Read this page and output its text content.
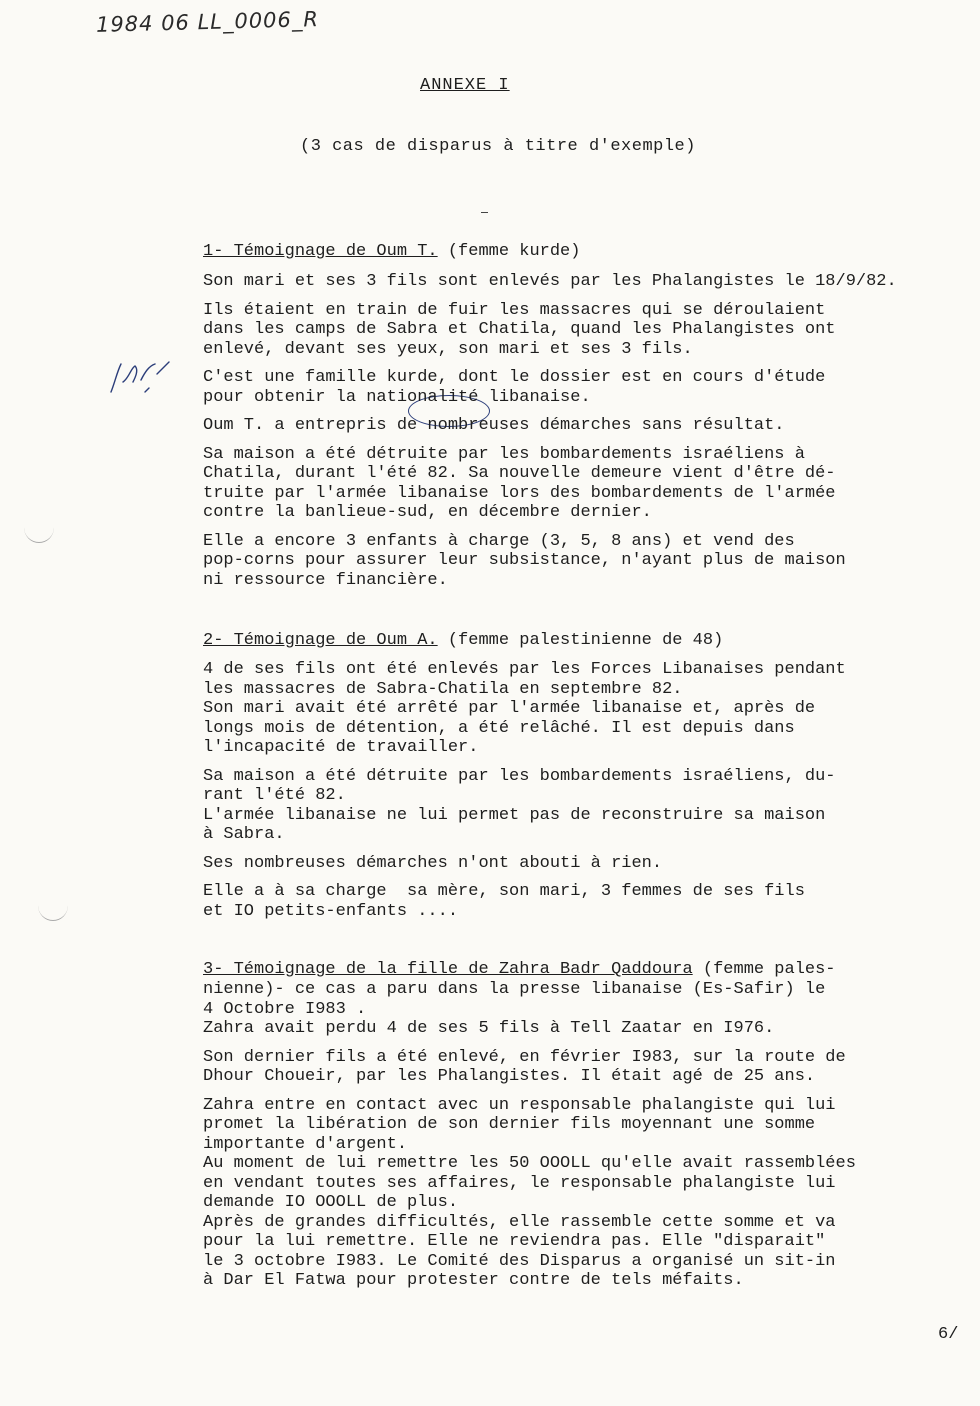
1984 06 LL_0006_R
ANNEXE I
(3 cas de disparus à titre d'exemple)
1- Témoignage de Oum T. (femme kurde)
Son mari et ses 3 fils sont enlevés par les Phalangistes le 18/9/82.
Ils étaient en train de fuir les massacres qui se déroulaient
dans les camps de Sabra et Chatila, quand les Phalangistes ont
enlevé, devant ses yeux, son mari et ses 3 fils.
C'est une famille kurde, dont le dossier est en cours d'étude
pour obtenir la nationalité libanaise.
Oum T. a entrepris de nombreuses démarches sans résultat.
Sa maison a été détruite par les bombardements israéliens à
Chatila, durant l'été 82. Sa nouvelle demeure vient d'être dé-
truite par l'armée libanaise lors des bombardements de l'armée
contre la banlieue-sud, en décembre dernier.
Elle a encore 3 enfants à charge (3, 5, 8 ans) et vend des
pop-corns pour assurer leur subsistance, n'ayant plus de maison
ni ressource financière.
2- Témoignage de Oum A. (femme palestinienne de 48)
4 de ses fils ont été enlevés par les Forces Libanaises pendant
les massacres de Sabra-Chatila en septembre 82.
Son mari avait été arrêté par l'armée libanaise et, après de
longs mois de détention, a été relâché. Il est depuis dans
l'incapacité de travailler.
Sa maison a été détruite par les bombardements israéliens, du-
rant l'été 82.
L'armée libanaise ne lui permet pas de reconstruire sa maison
à Sabra.
Ses nombreuses démarches n'ont abouti à rien.
Elle a à sa charge  sa mère, son mari, 3 femmes de ses fils
et IO petits-enfants ....
3- Témoignage de la fille de Zahra Badr Qaddoura (femme pales-
nienne)- ce cas a paru dans la presse libanaise (Es-Safir) le
4 Octobre I983 .
Zahra avait perdu 4 de ses 5 fils à Tell Zaatar en I976.
Son dernier fils a été enlevé, en février I983, sur la route de
Dhour Choueir, par les Phalangistes. Il était agé de 25 ans.
Zahra entre en contact avec un responsable phalangiste qui lui
promet la libération de son dernier fils moyennant une somme
importante d'argent.
Au moment de lui remettre les 50 OOOLL qu'elle avait rassemblées
en vendant toutes ses affaires, le responsable phalangiste lui
demande IO OOOLL de plus.
Après de grandes difficultés, elle rassemble cette somme et va
pour la lui remettre. Elle ne reviendra pas. Elle "disparait"
le 3 octobre I983. Le Comité des Disparus a organisé un sit-in
à Dar El Fatwa pour protester contre de tels méfaits.
6/
